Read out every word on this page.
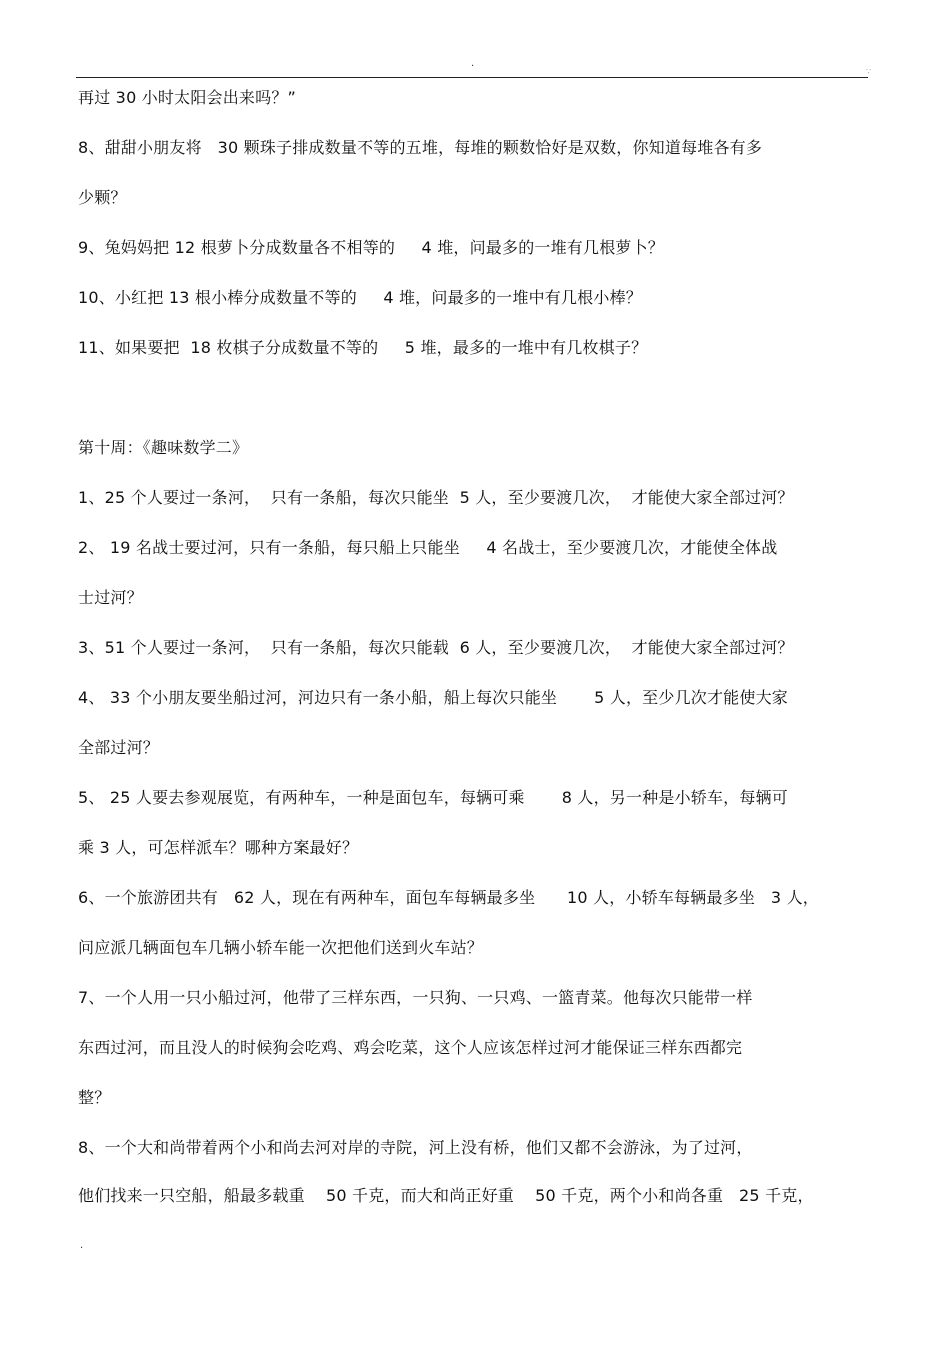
·	∵
再过 30 小时太阳会出来吗？”
8、甜甜小朋友将   30 颗珠子排成数量不等的五堆，每堆的颗数恰好是双数，你知道每堆各有多
少颗？
9、兔妈妈把 12 根萝卜分成数量各不相等的     4 堆，问最多的一堆有几根萝卜？
10、小红把 13 根小棒分成数量不等的     4 堆，问最多的一堆中有几根小棒？
11、如果要把  18 枚棋子分成数量不等的     5 堆，最多的一堆中有几枚棋子？
第十周：《趣味数学二》
1、25 个人要过一条河，  只有一条船，每次只能坐  5 人，至少要渡几次，  才能使大家全部过河？
2、 19 名战士要过河，只有一条船，每只船上只能坐     4 名战士，至少要渡几次，才能使全体战
士过河？
3、51 个人要过一条河，  只有一条船，每次只能载  6 人，至少要渡几次，  才能使大家全部过河？
4、 33 个小朋友要坐船过河，河边只有一条小船，船上每次只能坐       5 人，至少几次才能使大家
全部过河？
5、 25 人要去参观展览，有两种车，一种是面包车，每辆可乘       8 人，另一种是小轿车，每辆可
乘 3 人，可怎样派车？哪种方案最好？
6、一个旅游团共有   62 人，现在有两种车，面包车每辆最多坐      10 人，小轿车每辆最多坐   3 人，
问应派几辆面包车几辆小轿车能一次把他们送到火车站？
7、一个人用一只小船过河，他带了三样东西，一只狗、一只鸡、一篮青菜。他每次只能带一样
东西过河，而且没人的时候狗会吃鸡、鸡会吃菜，这个人应该怎样过河才能保证三样东西都完
整？
8、一个大和尚带着两个小和尚去河对岸的寺院，河上没有桥，他们又都不会游泳，为了过河，
他们找来一只空船，船最多载重    50 千克，而大和尚正好重    50 千克，两个小和尚各重   25 千克，
·
